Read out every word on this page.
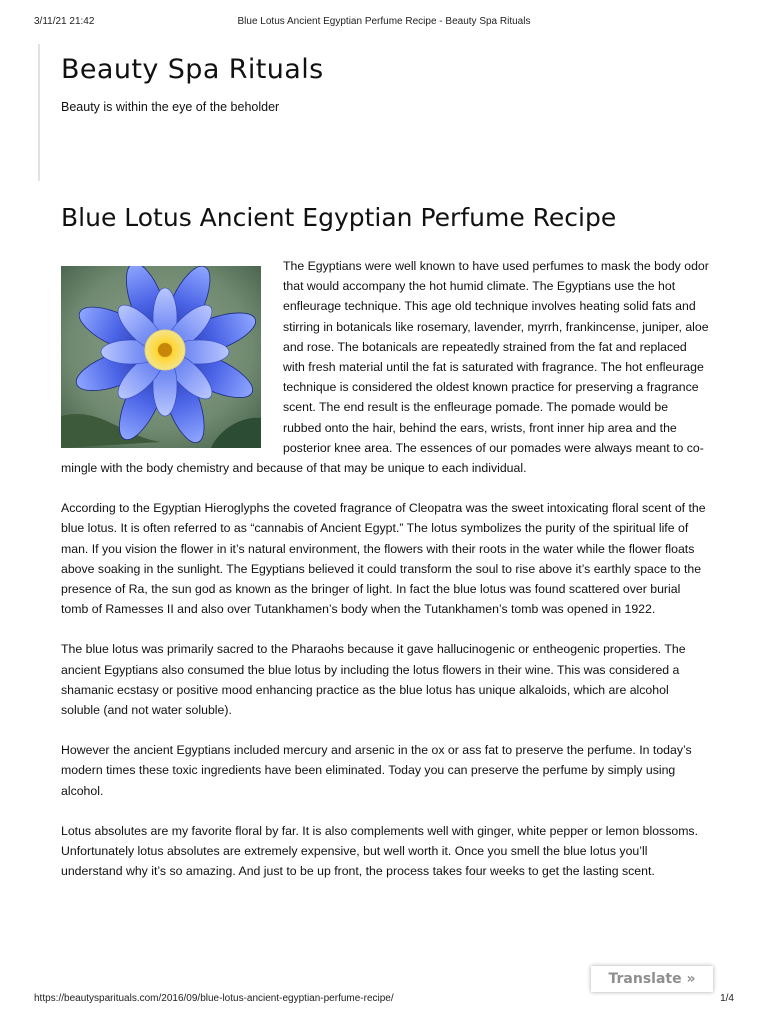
3/11/21 21:42	Blue Lotus Ancient Egyptian Perfume Recipe - Beauty Spa Rituals
Beauty Spa Rituals
Beauty is within the eye of the beholder
Blue Lotus Ancient Egyptian Perfume Recipe

The Egyptians were well known to have used perfumes to mask the body odor that would accompany the hot humid climate. The Egyptians use the hot enfleurage technique. This age old technique involves heating solid fats and stirring in botanicals like rosemary, lavender, myrrh, frankincense, juniper, aloe and rose. The botanicals are repeatedly strained from the fat and replaced with fresh material until the fat is saturated with fragrance. The hot enfleurage technique is considered the oldest known practice for preserving a fragrance scent. The end result is the enfleurage pomade. The pomade would be rubbed onto the hair, behind the ears, wrists, front inner hip area and the posterior knee area. The essences of our pomades were always meant to co-mingle with the body chemistry and because of that may be unique to each individual.

According to the Egyptian Hieroglyphs the coveted fragrance of Cleopatra was the sweet intoxicating floral scent of the blue lotus. It is often referred to as “cannabis of Ancient Egypt.” The lotus symbolizes the purity of the spiritual life of man. If you vision the flower in it’s natural environment, the flowers with their roots in the water while the flower floats above soaking in the sunlight. The Egyptians believed it could transform the soul to rise above it’s earthly space to the presence of Ra, the sun god as known as the bringer of light. In fact the blue lotus was found scattered over burial tomb of Ramesses II and also over Tutankhamen’s body when the Tutankhamen’s tomb was opened in 1922.

The blue lotus was primarily sacred to the Pharaohs because it gave hallucinogenic or entheogenic properties. The ancient Egyptians also consumed the blue lotus by including the lotus flowers in their wine. This was considered a shamanic ecstasy or positive mood enhancing practice as the blue lotus has unique alkaloids, which are alcohol soluble (and not water soluble).

However the ancient Egyptians included mercury and arsenic in the ox or ass fat to preserve the perfume. In today’s modern times these toxic ingredients have been eliminated. Today you can preserve the perfume by simply using alcohol.

Lotus absolutes are my favorite floral by far. It is also complements well with ginger, white pepper or lemon blossoms. Unfortunately lotus absolutes are extremely expensive, but well worth it. Once you smell the blue lotus you’ll understand why it’s so amazing. And just to be up front, the process takes four weeks to get the lasting scent.

Translate »
https://beautysparituals.com/2016/09/blue-lotus-ancient-egyptian-perfume-recipe/	1/4
